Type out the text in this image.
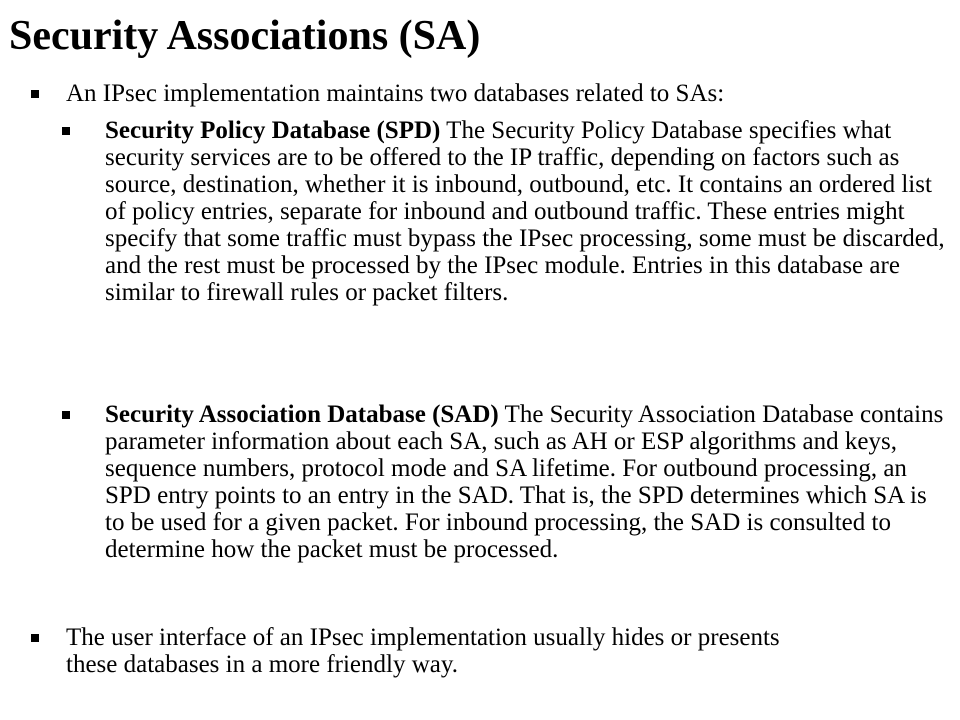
Security Associations (SA)

An IPsec implementation maintains two databases related to SAs:

Security Policy Database (SPD) The Security Policy Database specifies what security services are to be offered to the IP traffic, depending on factors such as source, destination, whether it is inbound, outbound, etc. It contains an ordered list of policy entries, separate for inbound and outbound traffic. These entries might specify that some traffic must bypass the IPsec processing, some must be discarded, and the rest must be processed by the IPsec module. Entries in this database are similar to firewall rules or packet filters.

Security Association Database (SAD) The Security Association Database contains parameter information about each SA, such as AH or ESP algorithms and keys, sequence numbers, protocol mode and SA lifetime. For outbound processing, an SPD entry points to an entry in the SAD. That is, the SPD determines which SA is to be used for a given packet. For inbound processing, the SAD is consulted to determine how the packet must be processed.

The user interface of an IPsec implementation usually hides or presents these databases in a more friendly way.
